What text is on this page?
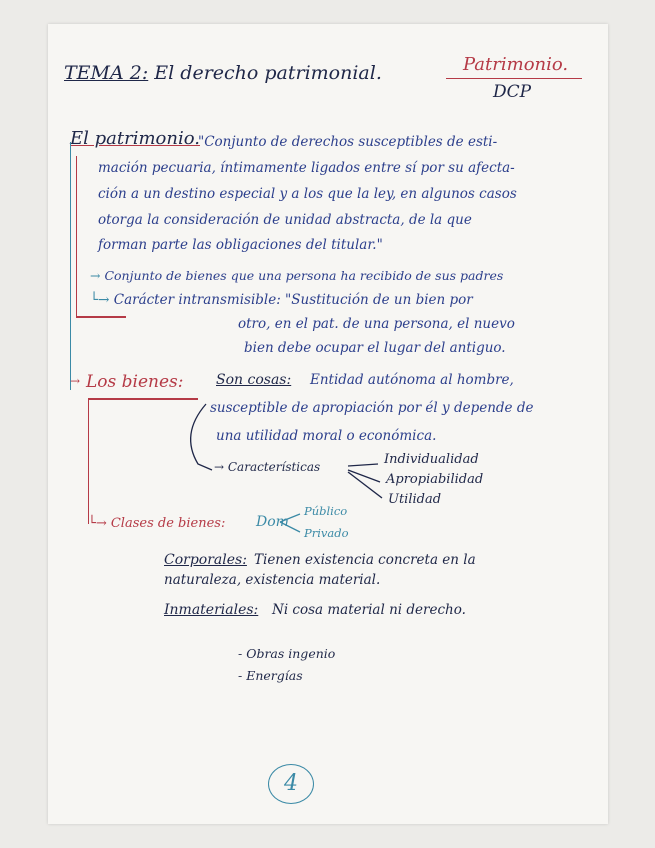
TEMA 2: El derecho patrimonial.	Patrimonio.
DCP
El patrimonio.
"Conjunto de derechos susceptibles de esti-
mación pecuaria, íntimamente ligados entre sí por su afecta-
ción a un destino especial y a los que la ley, en algunos casos
otorga la consideración de unidad abstracta, de la que
forman parte las obligaciones del titular."
→ Conjunto de bienes que una persona ha recibido de sus padres
└→ Carácter intransmisible: "Sustitución de un bien por
otro, en el pat. de una persona, el nuevo
bien debe ocupar el lugar del antiguo.
→ Los bienes: Son cosas: Entidad autónoma al hombre,
susceptible de apropiación por él y depende de
una utilidad moral o económica.
→ Características	Individualidad
Apropiabilidad
Utilidad
└→ Clases de bienes: Dom
Público
Privado
Corporales: Tienen existencia concreta en la
naturaleza, existencia material.
Inmateriales: Ni cosa material ni derecho.
- Obras ingenio
- Energías
4
